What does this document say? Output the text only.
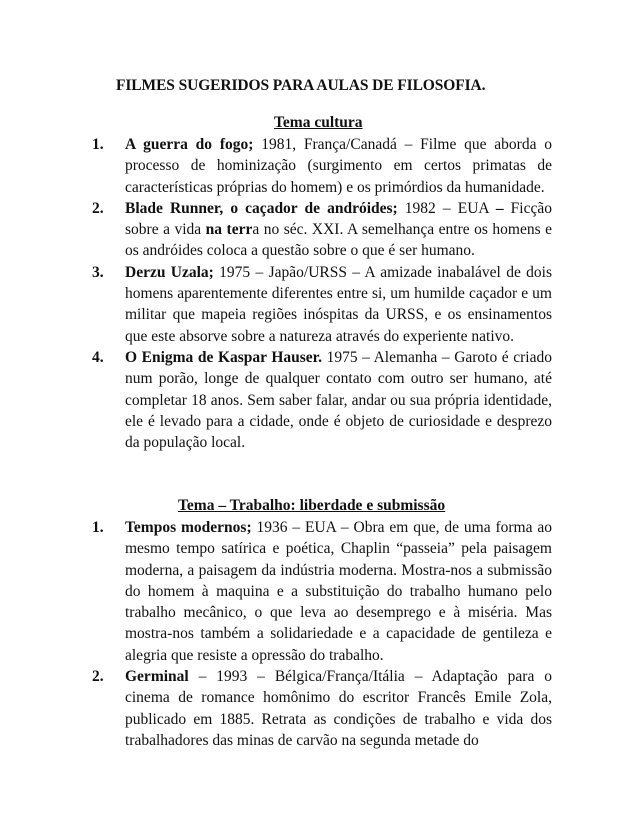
FILMES SUGERIDOS PARA AULAS DE FILOSOFIA.
Tema cultura
1. A guerra do fogo; 1981, França/Canadá – Filme que aborda o processo de hominização (surgimento em certos primatas de características próprias do homem) e os primórdios da humanidade.
2. Blade Runner, o caçador de andróides; 1982 – EUA – Ficção sobre a vida na terra no séc. XXI. A semelhança entre os homens e os andróides coloca a questão sobre o que é ser humano.
3. Derzu Uzala; 1975 – Japão/URSS – A amizade inabalável de dois homens aparentemente diferentes entre si, um humilde caçador e um militar que mapeia regiões inóspitas da URSS, e os ensinamentos que este absorve sobre a natureza através do experiente nativo.
4. O Enigma de Kaspar Hauser. 1975 – Alemanha – Garoto é criado num porão, longe de qualquer contato com outro ser humano, até completar 18 anos. Sem saber falar, andar ou sua própria identidade, ele é levado para a cidade, onde é objeto de curiosidade e desprezo da população local.
Tema – Trabalho: liberdade e submissão
1. Tempos modernos; 1936 – EUA – Obra em que, de uma forma ao mesmo tempo satírica e poética, Chaplin “passeia” pela paisagem moderna, a paisagem da indústria moderna. Mostra-nos a submissão do homem à maquina e a substituição do trabalho humano pelo trabalho mecânico, o que leva ao desemprego e à miséria. Mas mostra-nos também a solidariedade e a capacidade de gentileza e alegria que resiste a opressão do trabalho.
2. Germinal – 1993 – Bélgica/França/Itália – Adaptação para o cinema de romance homônimo do escritor Francês Emile Zola, publicado em 1885. Retrata as condições de trabalho e vida dos trabalhadores das minas de carvão na segunda metade do
